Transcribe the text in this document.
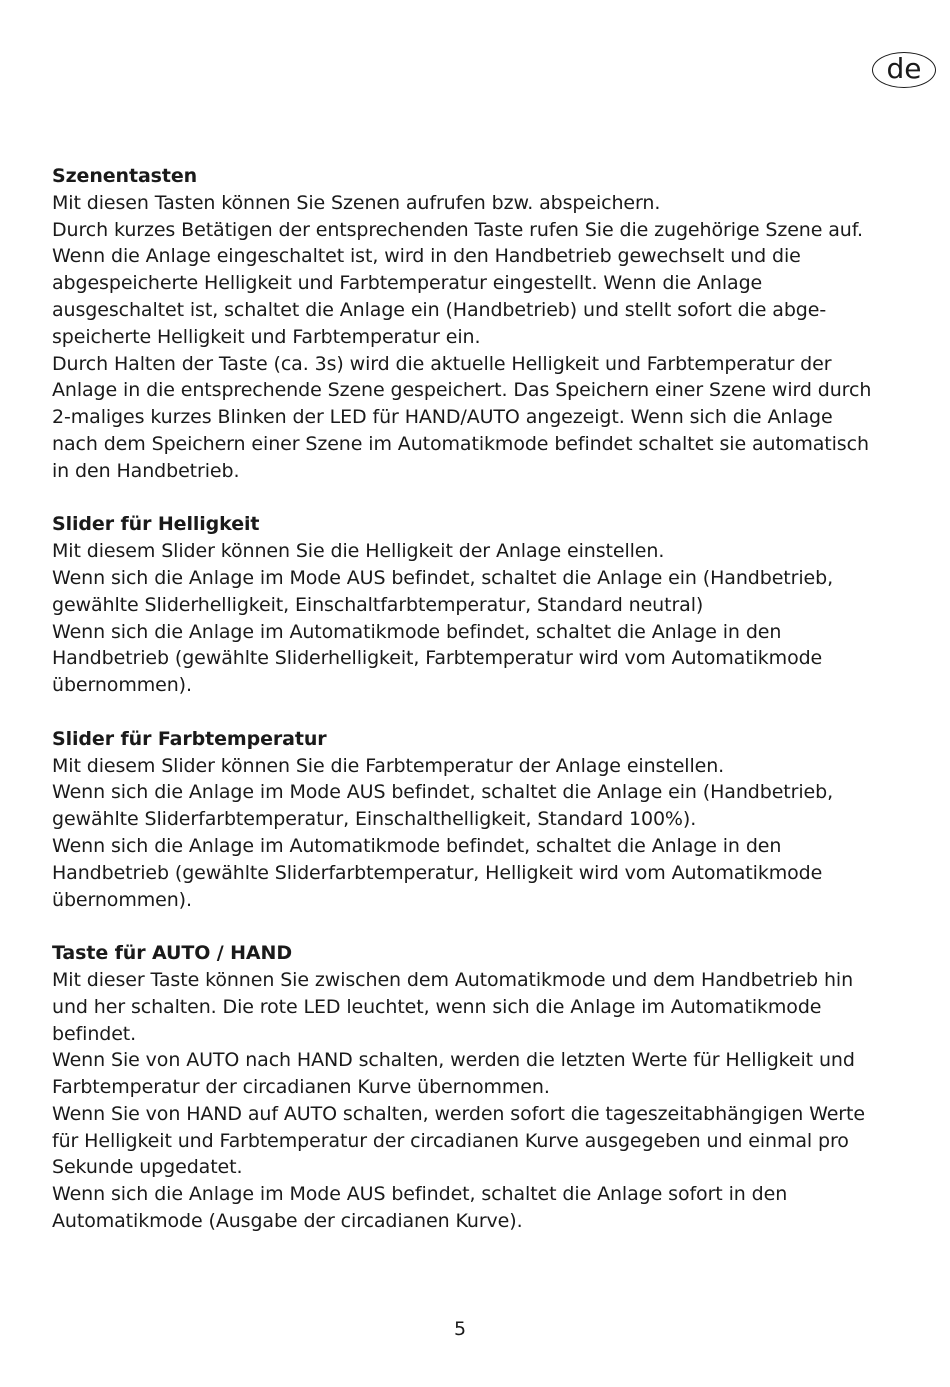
de

Szenentasten

Mit diesen Tasten können Sie Szenen aufrufen bzw. abspeichern.

Durch kurzes Betätigen der entsprechenden Taste rufen Sie die zugehörige Szene auf. Wenn die Anlage eingeschaltet ist, wird in den Handbetrieb gewechselt und die abgespeicherte Helligkeit und Farbtemperatur eingestellt. Wenn die Anlage ausgeschaltet ist, schaltet die Anlage ein (Handbetrieb) und stellt sofort die abge-speicherte Helligkeit und Farbtemperatur ein.

Durch Halten der Taste (ca. 3s) wird die aktuelle Helligkeit und Farbtemperatur der Anlage in die entsprechende Szene gespeichert. Das Speichern einer Szene wird durch 2-maliges kurzes Blinken der LED für HAND/AUTO angezeigt. Wenn sich die Anlage nach dem Speichern einer Szene im Automatikmode befindet schaltet sie automatisch in den Handbetrieb.

Slider für Helligkeit

Mit diesem Slider können Sie die Helligkeit der Anlage einstellen.

Wenn sich die Anlage im Mode AUS befindet, schaltet die Anlage ein (Handbetrieb, gewählte Sliderhelligkeit, Einschaltfarbtemperatur, Standard neutral)

Wenn sich die Anlage im Automatikmode befindet, schaltet die Anlage in den Handbetrieb (gewählte Sliderhelligkeit, Farbtemperatur wird vom Automatikmode übernommen).

Slider für Farbtemperatur

Mit diesem Slider können Sie die Farbtemperatur der Anlage einstellen.

Wenn sich die Anlage im Mode AUS befindet, schaltet die Anlage ein (Handbetrieb, gewählte Sliderfarbtemperatur, Einschalthelligkeit, Standard 100%).

Wenn sich die Anlage im Automatikmode befindet, schaltet die Anlage in den Handbetrieb (gewählte Sliderfarbtemperatur, Helligkeit wird vom Automatikmode übernommen).

Taste für AUTO / HAND

Mit dieser Taste können Sie zwischen dem Automatikmode und dem Handbetrieb hin und her schalten. Die rote LED leuchtet, wenn sich die Anlage im Automatikmode befindet.

Wenn Sie von AUTO nach HAND schalten, werden die letzten Werte für Helligkeit und Farbtemperatur der circadianen Kurve übernommen.

Wenn Sie von HAND auf AUTO schalten, werden sofort die tageszeitabhängigen Werte für Helligkeit und Farbtemperatur der circadianen Kurve ausgegeben und einmal pro Sekunde upgedatet.

Wenn sich die Anlage im Mode AUS befindet, schaltet die Anlage sofort in den Automatikmode (Ausgabe der circadianen Kurve).

5
